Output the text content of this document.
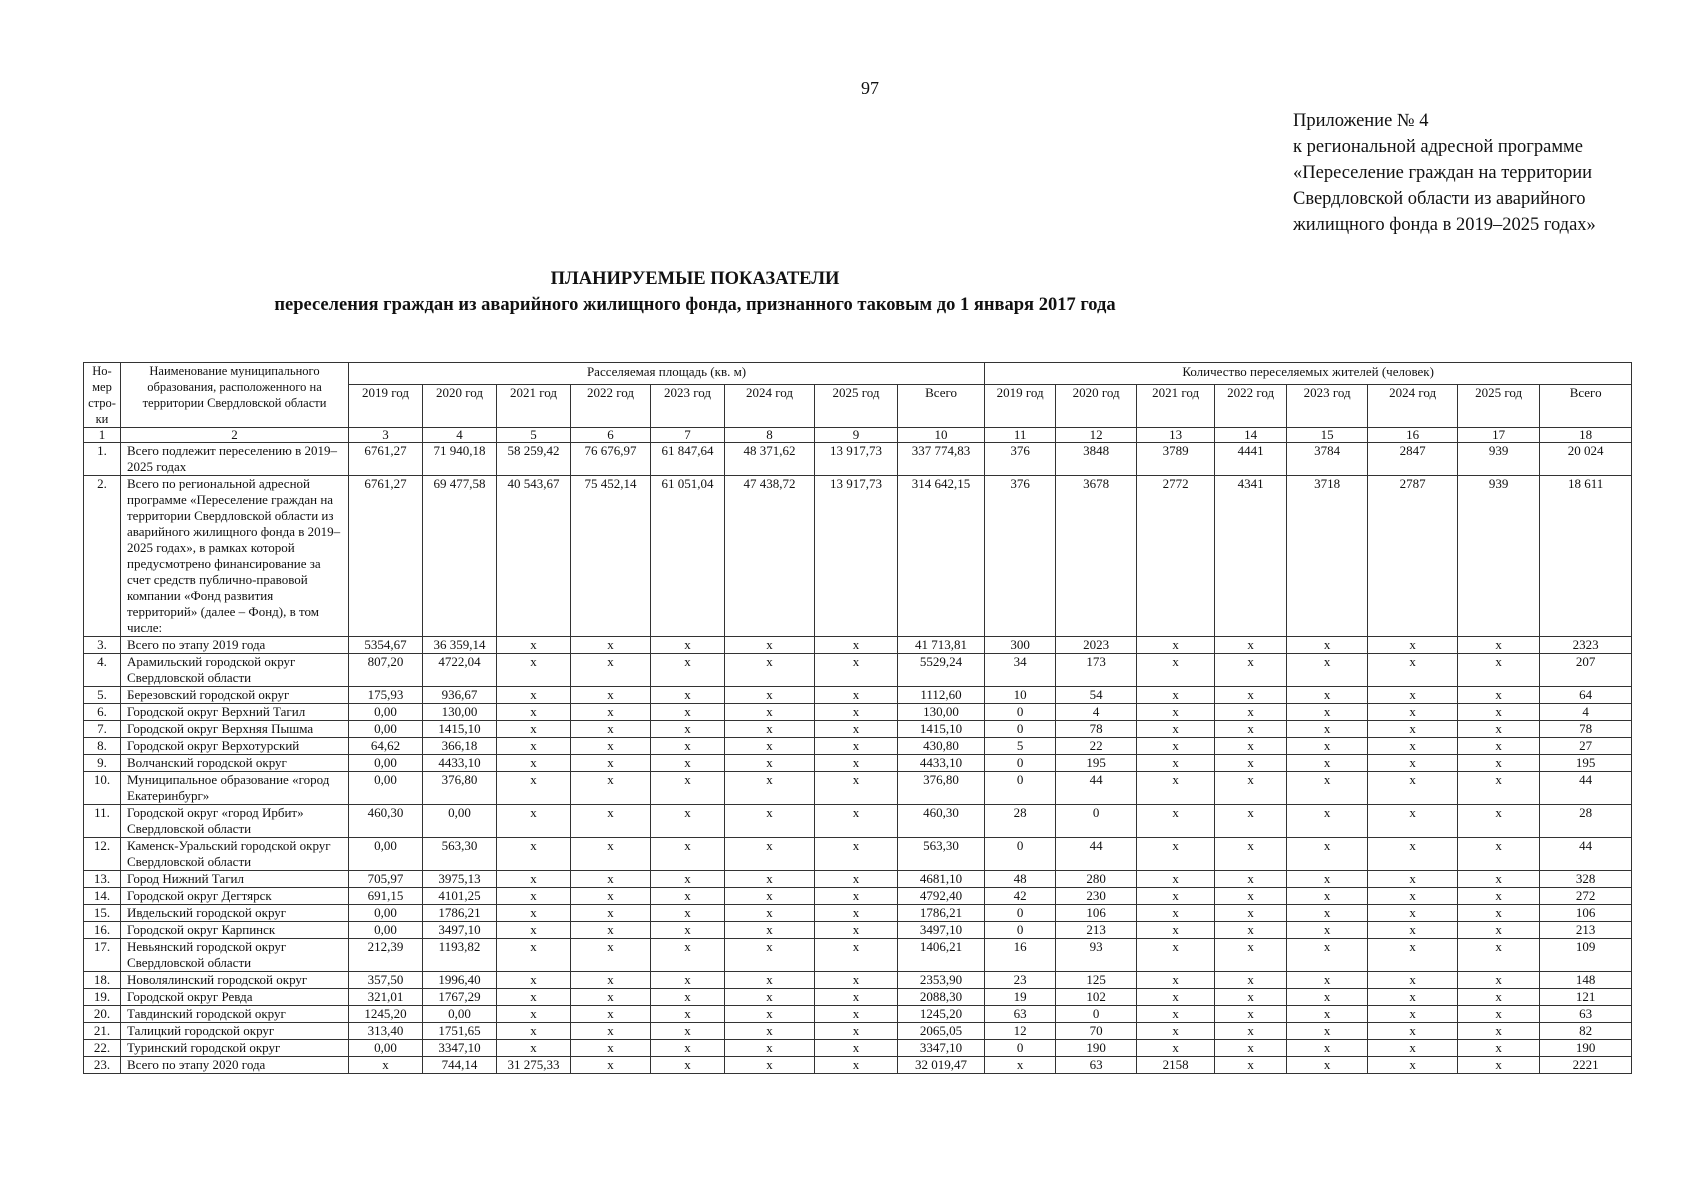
97
Приложение № 4
к региональной адресной программе
«Переселение граждан на территории
Свердловской области из аварийного
жилищного фонда в 2019–2025 годах»
ПЛАНИРУЕМЫЕ ПОКАЗАТЕЛИ
переселения граждан из аварийного жилищного фонда, признанного таковым до 1 января 2017 года
Но-мер стро-ки	Наименование муниципального образования, расположенного на территории Свердловской области	Расселяемая площадь (кв. м)								Количество переселяемых жителей (человек)							
		2019 год	2020 год	2021 год	2022 год	2023 год	2024 год	2025 год	Всего	2019 год	2020 год	2021 год	2022 год	2023 год	2024 год	2025 год	Всего
1	2	3	4	5	6	7	8	9	10	11	12	13	14	15	16	17	18
1.	Всего подлежит переселению в 2019–2025 годах	6761,27	71 940,18	58 259,42	76 676,97	61 847,64	48 371,62	13 917,73	337 774,83	376	3848	3789	4441	3784	2847	939	20 024
2.	Всего по региональной адресной программе «Переселение граждан на территории Свердловской области из аварийного жилищного фонда в 2019–2025 годах», в рамках которой предусмотрено финансирование за счет средств публично-правовой компании «Фонд развития территорий» (далее – Фонд), в том числе:	6761,27	69 477,58	40 543,67	75 452,14	61 051,04	47 438,72	13 917,73	314 642,15	376	3678	2772	4341	3718	2787	939	18 611
3.	Всего по этапу 2019 года	5354,67	36 359,14	х	х	х	х	х	41 713,81	300	2023	х	х	х	х	х	2323
4.	Арамильский городской округ Свердловской области	807,20	4722,04	х	х	х	х	х	5529,24	34	173	х	х	х	х	х	207
5.	Березовский городской округ	175,93	936,67	х	х	х	х	х	1112,60	10	54	х	х	х	х	х	64
6.	Городской округ Верхний Тагил	0,00	130,00	х	х	х	х	х	130,00	0	4	х	х	х	х	х	4
7.	Городской округ Верхняя Пышма	0,00	1415,10	х	х	х	х	х	1415,10	0	78	х	х	х	х	х	78
8.	Городской округ Верхотурский	64,62	366,18	х	х	х	х	х	430,80	5	22	х	х	х	х	х	27
9.	Волчанский городской округ	0,00	4433,10	х	х	х	х	х	4433,10	0	195	х	х	х	х	х	195
10.	Муниципальное образование «город Екатеринбург»	0,00	376,80	х	х	х	х	х	376,80	0	44	х	х	х	х	х	44
11.	Городской округ «город Ирбит» Свердловской области	460,30	0,00	х	х	х	х	х	460,30	28	0	х	х	х	х	х	28
12.	Каменск-Уральский городской округ Свердловской области	0,00	563,30	х	х	х	х	х	563,30	0	44	х	х	х	х	х	44
13.	Город Нижний Тагил	705,97	3975,13	х	х	х	х	х	4681,10	48	280	х	х	х	х	х	328
14.	Городской округ Дегтярск	691,15	4101,25	х	х	х	х	х	4792,40	42	230	х	х	х	х	х	272
15.	Ивдельский городской округ	0,00	1786,21	х	х	х	х	х	1786,21	0	106	х	х	х	х	х	106
16.	Городской округ Карпинск	0,00	3497,10	х	х	х	х	х	3497,10	0	213	х	х	х	х	х	213
17.	Невьянский городской округ Свердловской области	212,39	1193,82	х	х	х	х	х	1406,21	16	93	х	х	х	х	х	109
18.	Новолялинский городской округ	357,50	1996,40	х	х	х	х	х	2353,90	23	125	х	х	х	х	х	148
19.	Городской округ Ревда	321,01	1767,29	х	х	х	х	х	2088,30	19	102	х	х	х	х	х	121
20.	Тавдинский городской округ	1245,20	0,00	х	х	х	х	х	1245,20	63	0	х	х	х	х	х	63
21.	Талицкий городской округ	313,40	1751,65	х	х	х	х	х	2065,05	12	70	х	х	х	х	х	82
22.	Туринский городской округ	0,00	3347,10	х	х	х	х	х	3347,10	0	190	х	х	х	х	х	190
23.	Всего по этапу 2020 года	х	744,14	31 275,33	х	х	х	х	32 019,47	х	63	2158	х	х	х	х	2221
